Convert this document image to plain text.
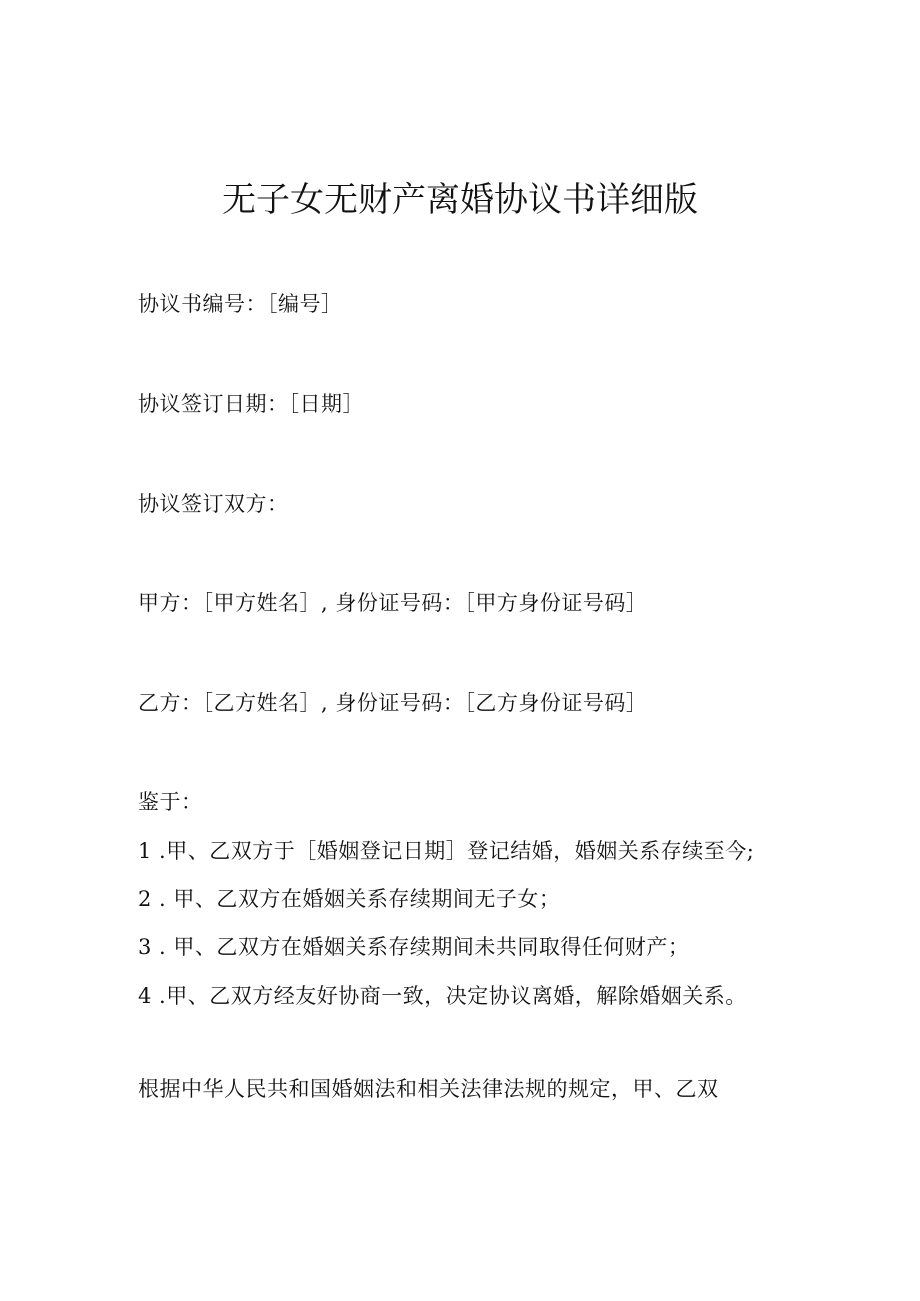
无子女无财产离婚协议书详细版
协议书编号：［编号］
协议签订日期：［日期］
协议签订双方：
甲方：［甲方姓名］, 身份证号码：［甲方身份证号码］
乙方：［乙方姓名］, 身份证号码：［乙方身份证号码］
鉴于：
1 .甲、乙双方于［婚姻登记日期］登记结婚，婚姻关系存续至今;
2 . 甲、乙双方在婚姻关系存续期间无子女；
3 . 甲、乙双方在婚姻关系存续期间未共同取得任何财产；
4 .甲、乙双方经友好协商一致，决定协议离婚，解除婚姻关系。
根据中华人民共和国婚姻法和相关法律法规的规定，甲、乙双
